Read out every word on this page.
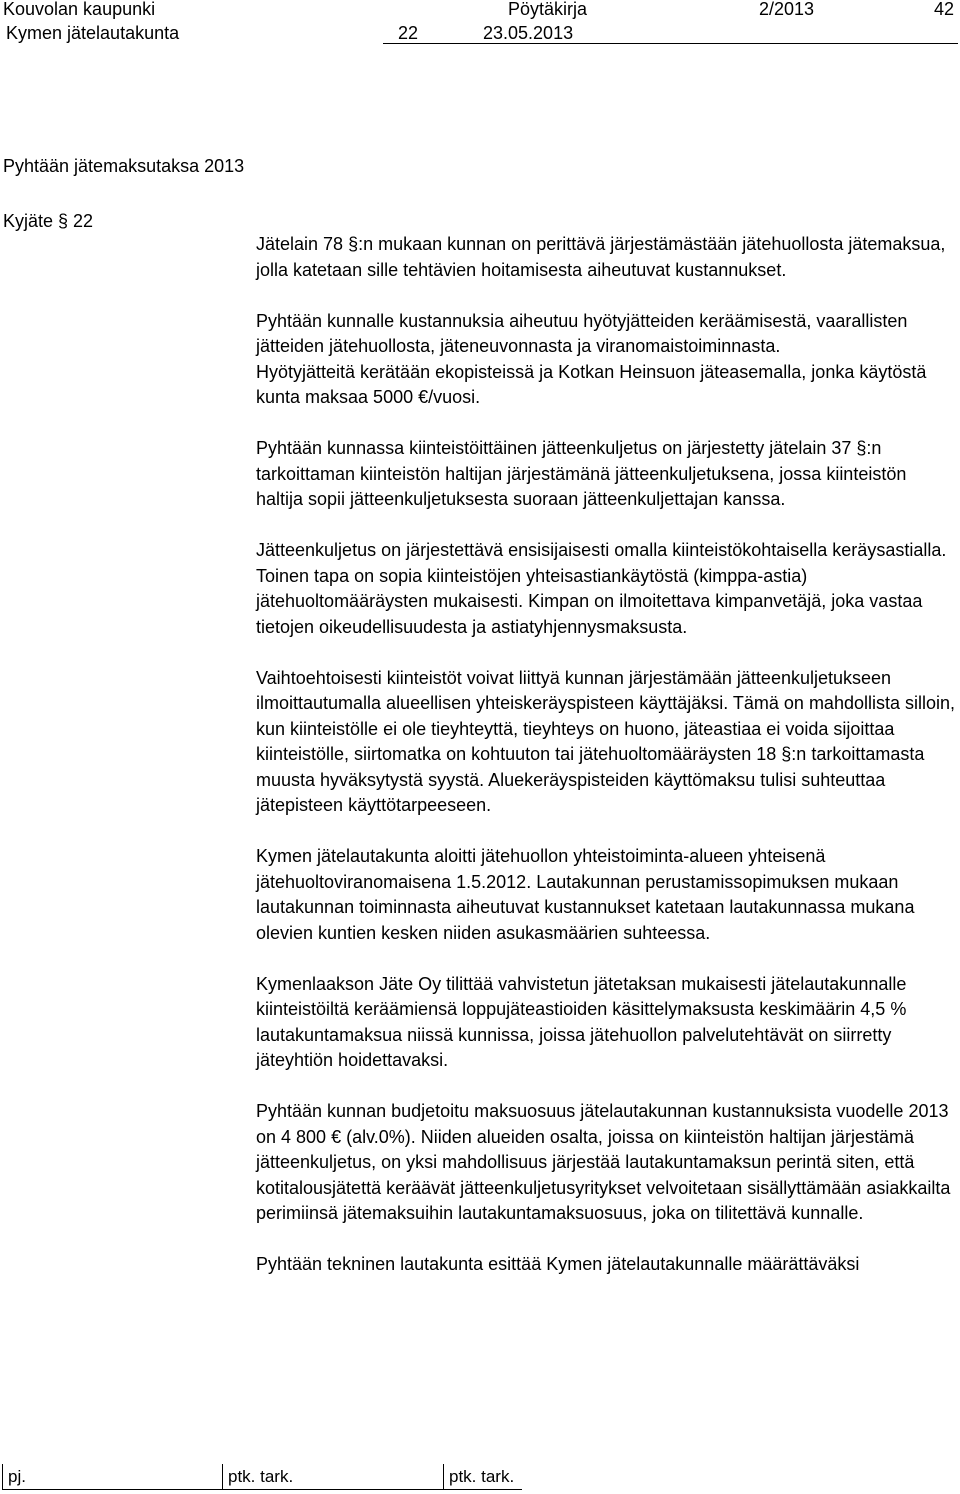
Kouvolan kaupunki	Pöytäkirja	2/2013	42
Kymen jätelautakunta	22	23.05.2013
Pyhtään jätemaksutaksa 2013
Kyjäte § 22

Jätelain 78 §:n mukaan kunnan on perittävä järjestämästään jätehuollosta jätemaksua, jolla katetaan sille tehtävien hoitamisesta aiheutuvat kustannukset.

Pyhtään kunnalle kustannuksia aiheutuu hyötyjätteiden keräämisestä, vaarallisten jätteiden jätehuollosta, jäteneuvonnasta ja viranomaistoiminnasta.

Hyötyjätteitä kerätään ekopisteissä ja Kotkan Heinsuon jäteasemalla, jonka käytöstä kunta maksaa 5000 €/vuosi.

Pyhtään kunnassa kiinteistöittäinen jätteenkuljetus on järjestetty jätelain 37 §:n tarkoittaman kiinteistön haltijan järjestämänä jätteenkuljetuksena, jossa kiinteistön haltija sopii jätteenkuljetuksesta suoraan jätteenkuljettajan kanssa.

Jätteenkuljetus on järjestettävä ensisijaisesti omalla kiinteistökohtaisella keräysastialla. Toinen tapa on sopia kiinteistöjen yhteisastiankäytöstä (kimppa-astia) jätehuoltomääräysten mukaisesti. Kimpan on ilmoitettava kimpanvetäjä, joka vastaa tietojen oikeudellisuudesta ja astiatyhjennysmaksusta.

Vaihtoehtoisesti kiinteistöt voivat liittyä kunnan järjestämään jätteenkuljetukseen ilmoittautumalla alueellisen yhteiskeräyspisteen käyttäjäksi. Tämä on mahdollista silloin, kun kiinteistölle ei ole tieyhteyttä, tieyhteys on huono, jäteastiaa ei voida sijoittaa kiinteistölle, siirtomatka on kohtuuton tai jätehuoltomääräysten 18 §:n tarkoittamasta muusta hyväksytystä syystä. Aluekeräyspisteiden käyttömaksu tulisi suhteuttaa jätepisteen käyttötarpeeseen.

Kymen jätelautakunta aloitti jätehuollon yhteistoiminta-alueen yhteisenä jätehuoltoviranomaisena 1.5.2012. Lautakunnan perustamissopimuksen mukaan lautakunnan toiminnasta aiheutuvat kustannukset katetaan lautakunnassa mukana olevien kuntien kesken niiden asukasmäärien suhteessa.

Kymenlaakson Jäte Oy tilittää vahvistetun jätetaksan mukaisesti jätelautakunnalle kiinteistöiltä keräämiensä loppujäteastioiden käsittelymaksusta keskimäärin 4,5 % lautakuntamaksua niissä kunnissa, joissa jätehuollon palvelutehtävät on siirretty jäteyhtiön hoidettavaksi.

Pyhtään kunnan budjetoitu maksuosuus jätelautakunnan kustannuksista vuodelle 2013 on 4 800 € (alv.0%). Niiden alueiden osalta, joissa on kiinteistön haltijan järjestämä jätteenkuljetus, on yksi mahdollisuus järjestää lautakuntamaksun perintä siten, että kotitalousjätettä keräävät jätteenkuljetusyritykset velvoitetaan sisällyttämään asiakkailta perimiinsä jätemaksuihin lautakuntamaksuosuus, joka on tilitettävä kunnalle.

Pyhtään tekninen lautakunta esittää Kymen jätelautakunnalle määrättäväksi

pj.	ptk. tark.	ptk. tark.
